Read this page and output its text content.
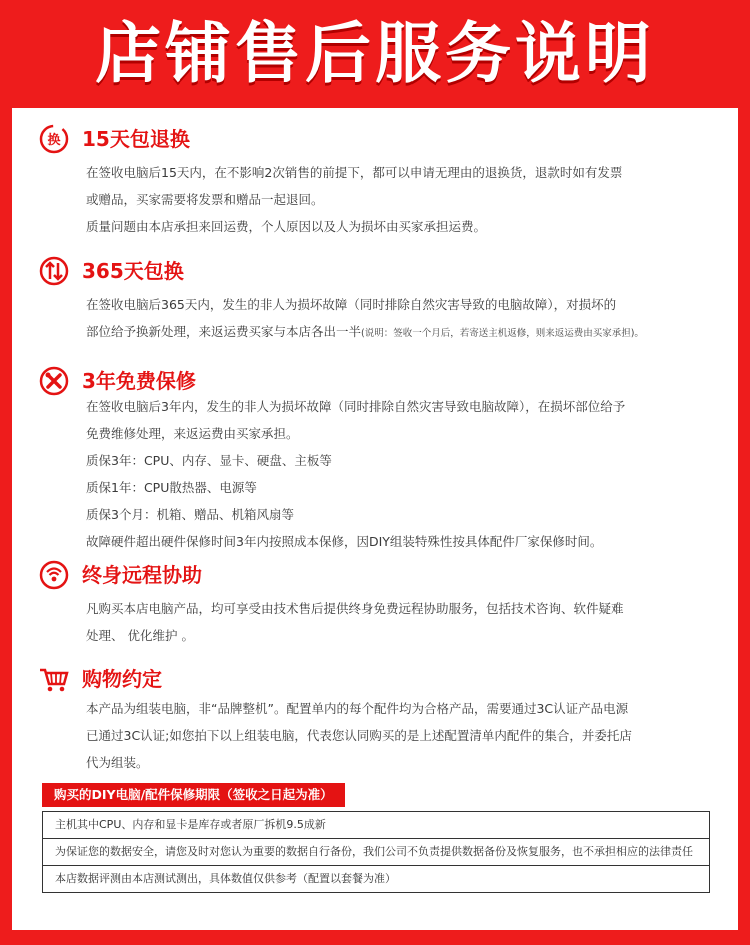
店铺售后服务说明
换 15天包退换
在签收电脑后15天内，在不影响2次销售的前提下，都可以申请无理由的退换货，退款时如有发票
或赠品，买家需要将发票和赠品一起退回。
质量问题由本店承担来回运费，个人原因以及人为损坏由买家承担运费。
365天包换
在签收电脑后365天内，发生的非人为损坏故障（同时排除自然灾害导致的电脑故障），对损坏的
部位给予换新处理，来返运费买家与本店各出一半(说明：签收一个月后，若寄送主机返修，则来返运费由买家承担)。
3年免费保修
在签收电脑后3年内，发生的非人为损坏故障（同时排除自然灾害导致电脑故障），在损坏部位给予
免费维修处理，来返运费由买家承担。
质保3年：CPU、内存、显卡、硬盘、主板等
质保1年：CPU散热器、电源等
质保3个月：机箱、赠品、机箱风扇等
故障硬件超出硬件保修时间3年内按照成本保修，因DIY组装特殊性按具体配件厂家保修时间。
终身远程协助
凡购买本店电脑产品，均可享受由技术售后提供终身免费远程协助服务，包括技术咨询、软件疑难
处理、 优化维护 。
购物约定
本产品为组装电脑，非“品牌整机”。配置单内的每个配件均为合格产品，需要通过3C认证产品电源
已通过3C认证;如您拍下以上组装电脑，代表您认同购买的是上述配置清单内配件的集合，并委托店
代为组装。
购买的DIY电脑/配件保修期限（签收之日起为准）
主机其中CPU、内存和显卡是库存或者原厂拆机9.5成新
为保证您的数据安全，请您及时对您认为重要的数据自行备份，我们公司不负责提供数据备份及恢复服务，也不承担相应的法律责任
本店数据评测由本店测试测出，具体数值仅供参考（配置以套餐为准）
